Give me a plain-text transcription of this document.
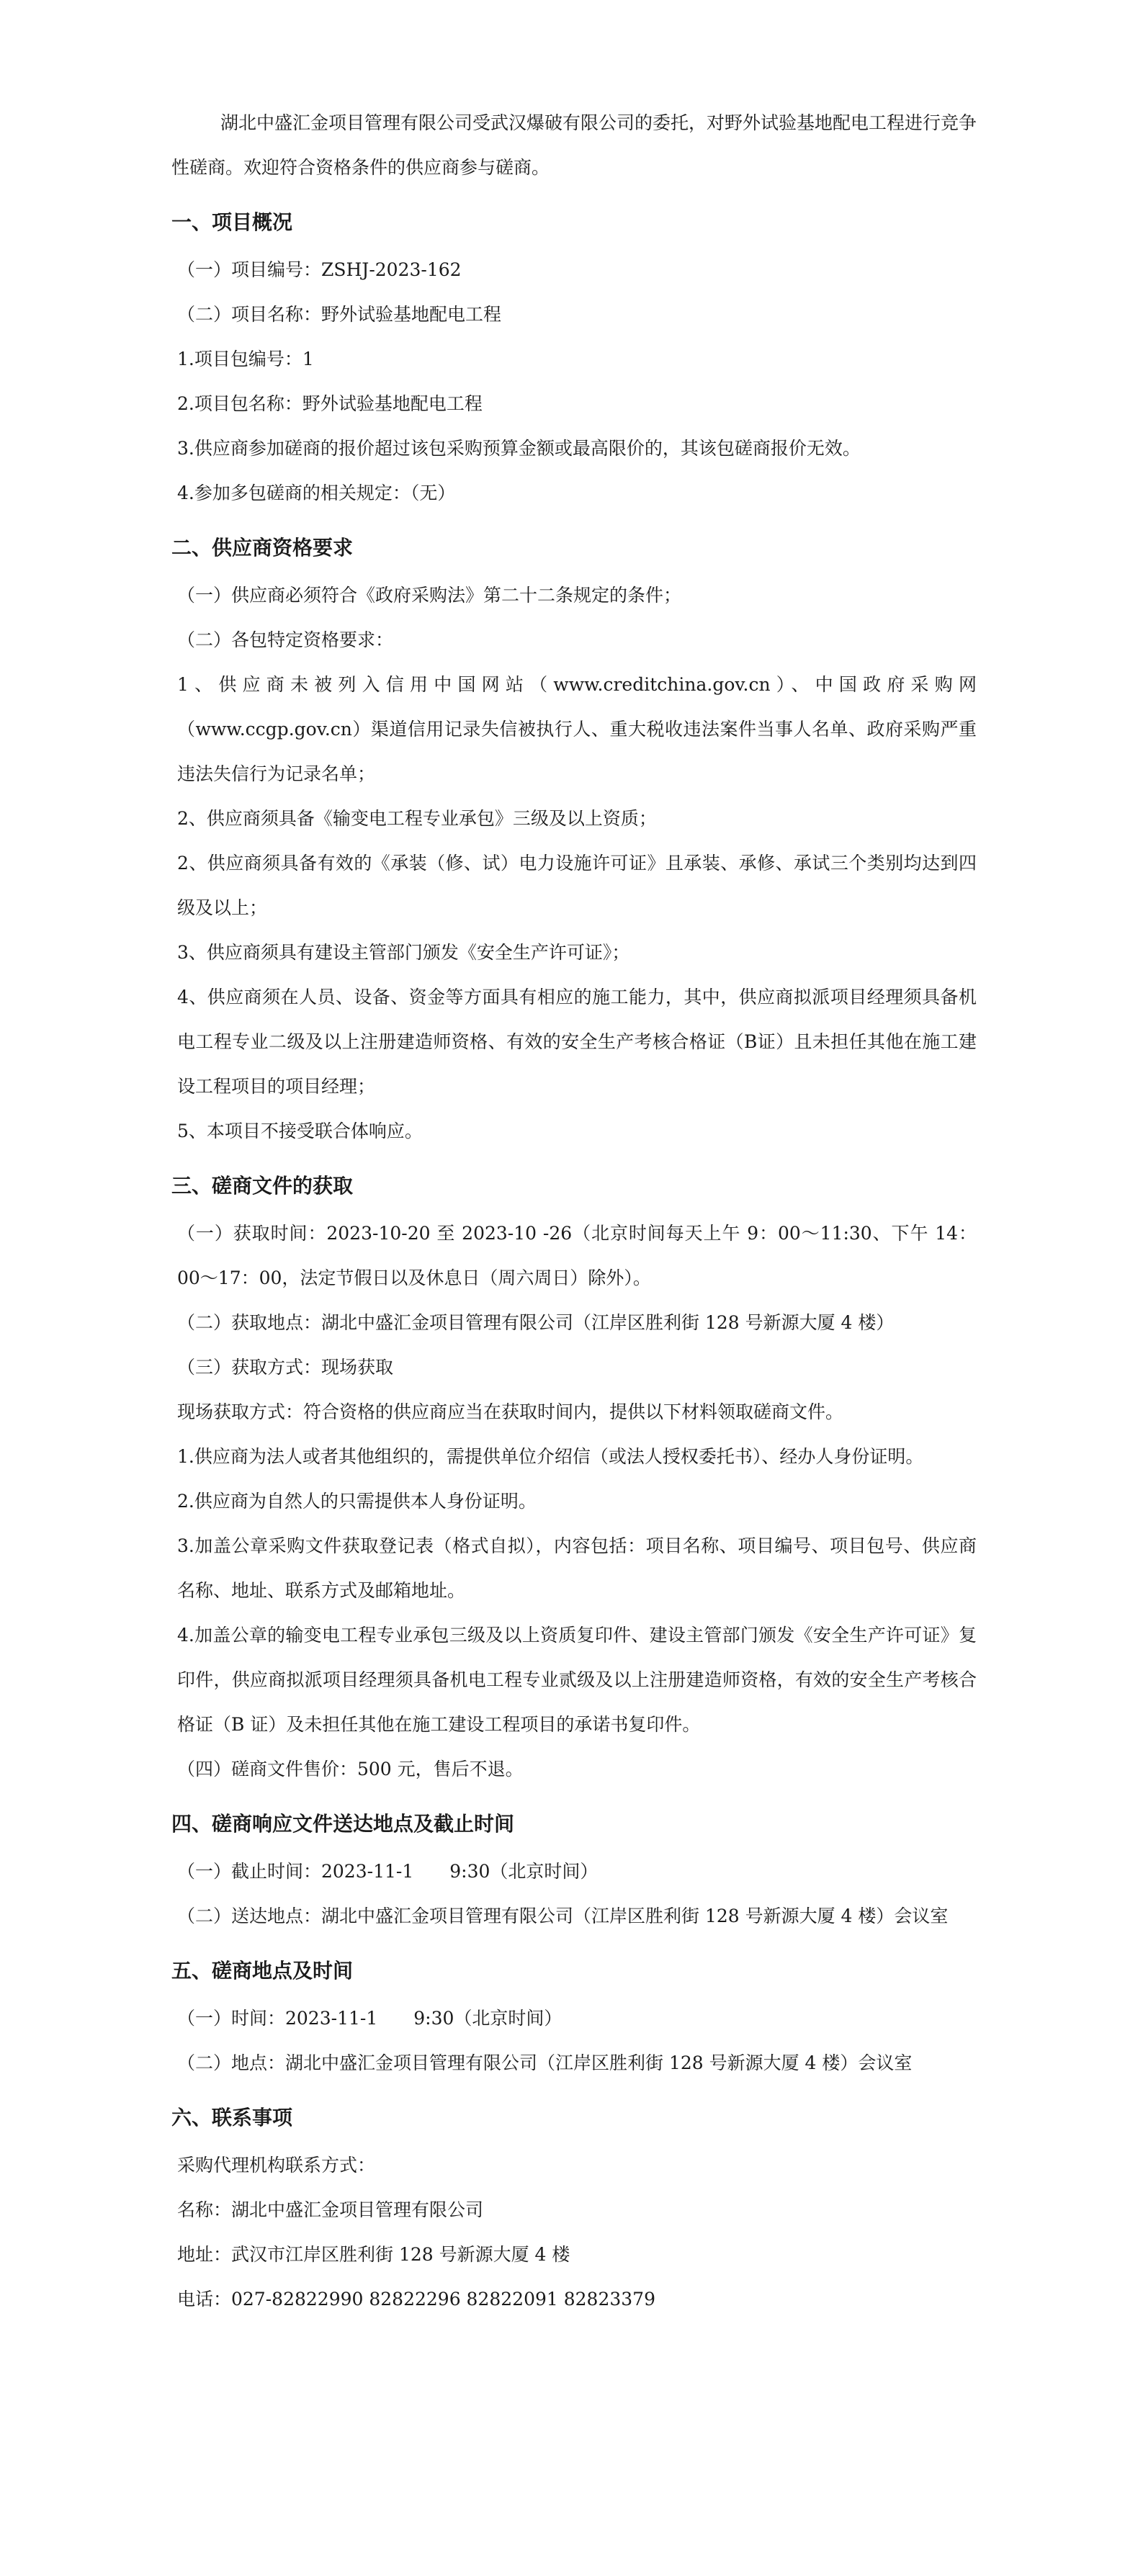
湖北中盛汇金项目管理有限公司受武汉爆破有限公司的委托，对野外试验基地配电工程进行竞争性磋商。欢迎符合资格条件的供应商参与磋商。

一、项目概况

（一）项目编号：ZSHJ-2023-162

（二）项目名称：野外试验基地配电工程

1.项目包编号：1

2.项目包名称：野外试验基地配电工程

3.供应商参加磋商的报价超过该包采购预算金额或最高限价的，其该包磋商报价无效。

4.参加多包磋商的相关规定：（无）

二、供应商资格要求

（一）供应商必须符合《政府采购法》第二十二条规定的条件；

（二）各包特定资格要求：

1、供应商未被列入信用中国网站（www.creditchina.gov.cn）、中国政府采购网（www.ccgp.gov.cn）渠道信用记录失信被执行人、重大税收违法案件当事人名单、政府采购严重违法失信行为记录名单；

2、供应商须具备《输变电工程专业承包》三级及以上资质；

2、供应商须具备有效的《承装（修、试）电力设施许可证》且承装、承修、承试三个类别均达到四级及以上；

3、供应商须具有建设主管部门颁发《安全生产许可证》；

4、供应商须在人员、设备、资金等方面具有相应的施工能力，其中，供应商拟派项目经理须具备机电工程专业二级及以上注册建造师资格、有效的安全生产考核合格证（B证）且未担任其他在施工建设工程项目的项目经理；

5、本项目不接受联合体响应。

三、磋商文件的获取

（一）获取时间：2023-10-20 至 2023-10 -26（北京时间每天上午 9：00～11:30、下午 14：00～17：00，法定节假日以及休息日（周六周日）除外）。

（二）获取地点：湖北中盛汇金项目管理有限公司（江岸区胜利街 128 号新源大厦 4 楼）

（三）获取方式：现场获取

现场获取方式：符合资格的供应商应当在获取时间内，提供以下材料领取磋商文件。

1.供应商为法人或者其他组织的，需提供单位介绍信（或法人授权委托书）、经办人身份证明。

2.供应商为自然人的只需提供本人身份证明。

3.加盖公章采购文件获取登记表（格式自拟），内容包括：项目名称、项目编号、项目包号、供应商名称、地址、联系方式及邮箱地址。

4.加盖公章的输变电工程专业承包三级及以上资质复印件、建设主管部门颁发《安全生产许可证》复印件，供应商拟派项目经理须具备机电工程专业贰级及以上注册建造师资格，有效的安全生产考核合格证（B 证）及未担任其他在施工建设工程项目的承诺书复印件。

（四）磋商文件售价：500 元，售后不退。

四、磋商响应文件送达地点及截止时间

（一）截止时间：2023-11-1　　9:30（北京时间）

（二）送达地点：湖北中盛汇金项目管理有限公司（江岸区胜利街 128 号新源大厦 4 楼）会议室

五、磋商地点及时间

（一）时间：2023-11-1　　9:30（北京时间）

（二）地点：湖北中盛汇金项目管理有限公司（江岸区胜利街 128 号新源大厦 4 楼）会议室

六、联系事项

采购代理机构联系方式：

名称：湖北中盛汇金项目管理有限公司

地址：武汉市江岸区胜利街 128 号新源大厦 4 楼

电话：027-82822990 82822296 82822091 82823379
